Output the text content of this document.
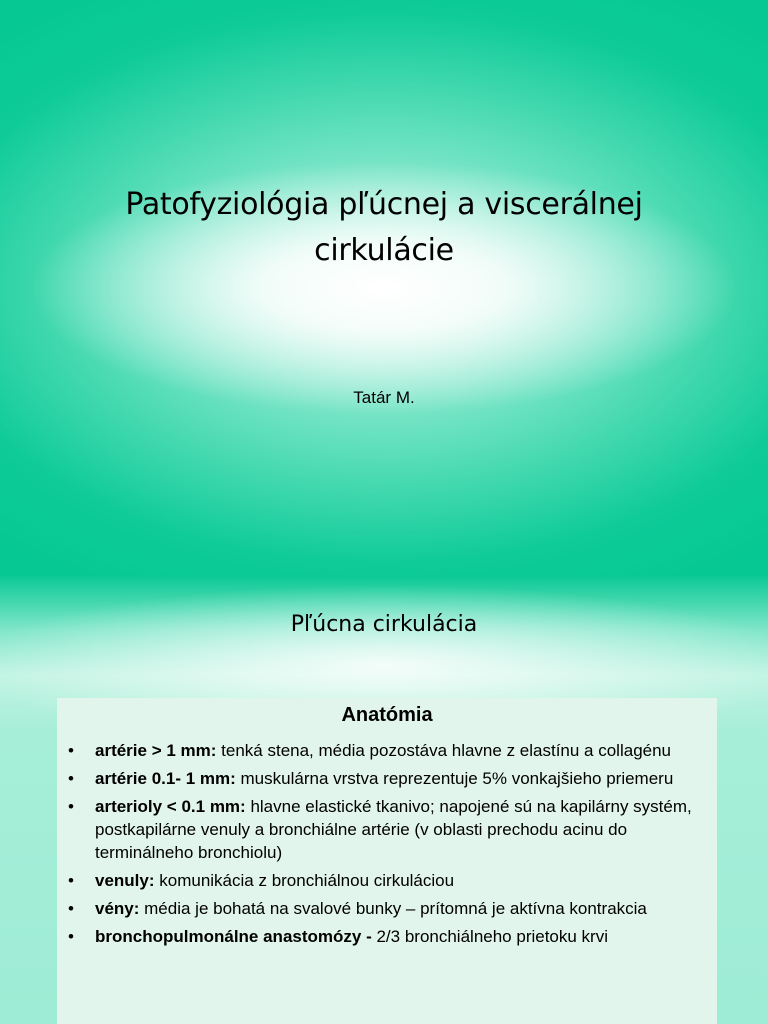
Patofyziológia pľúcnej a viscerálnej cirkulácie
Tatár M.
Pľúcna cirkulácia
Anatómia
• artérie > 1 mm: tenká stena, média pozostáva hlavne z elastínu a collagénu
• artérie 0.1- 1 mm: muskulárna vrstva reprezentuje 5% vonkajšieho priemeru
• arterioly < 0.1 mm: hlavne elastické tkanivo; napojené sú na kapilárny systém, postkapilárne venuly a bronchiálne artérie (v oblasti prechodu acinu do terminálneho bronchiolu)
• venuly: komunikácia z bronchiálnou cirkuláciou
• vény: média je bohatá na svalové bunky – prítomná je aktívna kontrakcia
• bronchopulmonálne anastomózy - 2/3 bronchiálneho prietoku krvi
